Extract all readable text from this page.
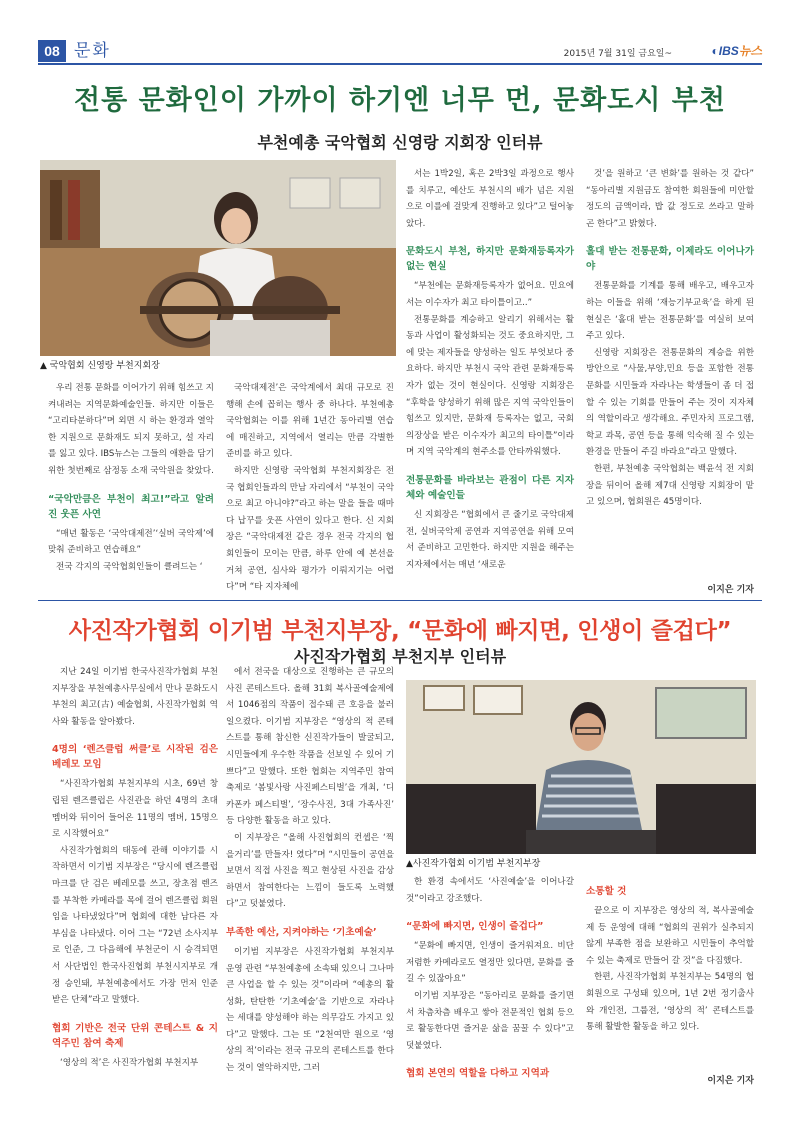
08 문화	2015년 7월 31일 금요일~	◐IBS뉴스
전통 문화인이 가까이 하기엔 너무 먼, 문화도시 부천
부천예총 국악협회 신영랑 지회장 인터뷰
▲ 국악협회 신영랑 부천지회장

우리 전통 문화를 이어가기 위해 힘쓰고 지켜내려는 지역문화예술인들. 하지만 이들은 “고리타분하다”며 외면 시 하는 환경과 열악한 지원으로 문화재도 되지 못하고, 설 자리를 잃고 있다. IBS뉴스는 그들의 애환을 담기 위한 첫번째로 삼정동 소재 국악원을 찾았다.

“국악만큼은 부천이 최고!”라고 알려진 웃픈 사연

“매년 활동은 ‘국악대제전’‘실버 국악제’에 맞춰 준비하고 연습해요”

전국 각지의 국악협회인들이 클려드는 ‘

국악대제전’은 국악계에서 최대 규모로 진행해 손에 꼽히는 행사 중 하나다. 부천예총 국악협회는 이를 위해 1년간 동아리별 연습에 매진하고, 지역에서 열리는 만큼 각별한 준비를 하고 있다.

하지만 신영랑 국악협회 부천지회장은 전국 협회인들과의 만남 자리에서 “부천이 국악으로 최고 아니야?”라고 하는 말을 들을 때마다 납꾸를 웃픈 사연이 있다고 한다. 신 지회장은 “국악대제전 같은 경우 전국 각지의 협회인들이 모이는 만큼, 하루 안에 예 본선을 거쳐 공연, 심사와 평가가 이뤄지기는 어렵다”며 “타 지자체에

서는 1박2일, 혹은 2박3일 과정으로 행사를 치루고, 예산도 부천시의 배가 넘은 지원으로 이를에 걸맞게 진행하고 있다”고 털어놓았다.

문화도시 부천, 하지만 문화재등록자가 없는 현실

“부천에는 문화재등록자가 없어요. 민요에서는 이수자가 최고 타이틀이고..”

전통문화를 계승하고 알리기 위해서는 활동과 사업이 활성화되는 것도 중요하지만, 그에 맞는 제자들을 양성하는 일도 부엇보다 중요하다. 하지만 부천시 국악 관련 문화재등록자가 없는 것이 현실이다. 신영랑 지회장은 “후학을 양성하기 위해 많은 지역 국악인들이 힘쓰고 있지만, 문화재 등록자는 없고, 국회의장상을 받은 이수자가 최고의 타이틀”이라며 지역 국악계의 현주소를 안타까워했다.

전통문화를 바라보는 관점이 다른 지자체와 예술인들

신 지회장은 “협회에서 큰 줄기로 국악대제전, 실버국악제 공연과 지역공연을 위해 모여서 준비하고 고민한다. 하지만 지원을 해주는 지자체에서는 매년 ‘새로운

것’을 원하고 ‘큰 변화’를 원하는 것 같다” “동아리별 지원금도 참여한 회원들에 미안할 정도의 금액이라, 밥 값 정도로 쓰라고 말하곤 한다”고 밝혔다.

홀대 받는 전통문화, 이제라도 이어나가야

전통문화를 기계를 통해 배우고, 배우고자 하는 이들을 위해 ‘재능기부교육’을 하게 된 현실은 ‘홀대 받는 전통문화’를 여실히 보여주고 있다.

신영랑 지회장은 전통문화의 계승을 위한 방안으로 “사물,부양,민요 등을 포함한 전통문화를 시민들과 자라나는 학생들이 좀 더 접할 수 있는 기회를 만들어 주는 것이 지자체의 역할이라고 생각해요. 주민자치 프로그램, 학교 과목, 공연 등을 통해 익숙해 질 수 있는 환경을 만들어 주길 바라요”라고 말했다.

한편, 부천예총 국악협회는 백윤석 전 지회장을 뒤이어 올해 제7대 신영랑 지회장이 맡고 있으며, 협회원은 45명이다.

이지은 기자
사진작가협회 이기범 부천지부장, “문화에 빠지면, 인생이 즐겁다”
사진작가협회 부천지부 인터뷰
▲사진작가협회 이기범 부천지부장

지난 24일 이기범 한국사진작가협회 부천지부장을 부천예총사무실에서 만나 문화도시 부천의 최고(古) 예술협회, 사진작가협회 역사와 활동을 알아봤다.

4명의 ‘렌즈클럽 써클’로 시작된 검은 베레모 모임

“사진작가협회 부천지부의 시초, 69년 창립된 렌즈클럽은 사진관을 하던 4명의 초대 멤버와 뒤이어 들어온 11명의 멤버, 15명으로 시작했어요”

사진작가협회의 태동에 관해 이야기를 시작하면서 이기범 지부장은 “당시에 렌즈클럽 마크를 단 검은 베레모를 쓰고, 장초점 렌즈를 부착한 카메라를 목에 걸어 렌즈클럽 회원임을 나타냈었다”며 협회에 대한 남다른 자부심을 나타냈다. 이어 그는 “72년 소사지부로 인준, 그 다음해에 부천군이 시 승격되면서 사단법인 한국사진협회 부천시지부로 개정 승인돼, 부천예총에서도 가장 먼저 인준 받은 단체”라고 말했다.

협회 기반은 전국 단위 콘테스트 & 지역주민 참여 축제

‘영상의 적’은 사진작가협회 부천지부

에서 전국을 대상으로 진행하는 큰 규모의 사진 콘테스트다. 올해 31회 복사골예술제에서 1046점의 작품이 접수돼 큰 호응을 불러 일으켰다. 이기범 지부장은 “영상의 적 콘테스트를 통해 참신한 신진작가들이 발굴되고, 시민들에게 우수한 작품을 선보일 수 있어 기쁘다”고 말했다. 또한 협회는 지역주민 참여 축제로 ‘봄빛사랑 사진페스티벌’을 개최, ‘디카폰카 페스티벌’, ‘장수사진, 3대 가족사진’ 등 다양한 활동을 하고 있다.

이 지부장은 “올해 사진협회의 컨셉은 ‘찍을거리’를 만들자! 였다”며 “시민들이 공연을 보면서 직접 사진을 찍고 현상된 사진을 감상하면서 참여한다는 느낌이 들도록 노력했다”고 덧붙였다.

부족한 예산, 지켜야하는 ‘기초예술’

이기범 지부장은 사진작가협회 부천지부 운영 관련 “부천예총에 소속돼 있으니 그나마 큰 사업을 할 수 있는 것”이라며 “예총의 활성화, 탄탄한 ‘기초예술’을 기반으로 자라나는 세대를 양성해야 하는 의무감도 가지고 있다”고 말했다. 그는 또 “2천여만 원으로 ‘영상의 적’이라는 전국 규모의 콘테스트를 한다는 것이 열악하지만, 그러

한 환경 속에서도 ‘사진예술’을 이어나갈 것”이라고 강조했다.

“문화에 빠지면, 인생이 즐겁다”

“문화에 빠지면, 인생이 즐거워져요. 비단 저렴한 카메라로도 열정만 있다면, 문화를 즐길 수 있잖아요”

이기범 지부장은 “동아리로 문화를 즐기면서 차츰차츰 배우고 쌓아 전문적인 협회 등으로 활동한다면 즐거운 삶을 꿈꿀 수 있다”고 덧붙였다.

협회 본연의 역할을 다하고 지역과
소통할 것

끝으로 이 지부장은 영상의 적, 복사골예술제 등 운영에 대해 “협회의 권위가 실추되지 않게 부족한 점을 보완하고 시민들이 추억할 수 있는 축제로 만들어 갈 것”을 다짐했다.

한편, 사진작가협회 부천지부는 54명의 협회원으로 구성돼 있으며, 1년 2번 정기출사와 개인전, 그룹전, ‘영상의 적’ 콘테스트를 통해 활발한 활동을 하고 있다.

이지은 기자
